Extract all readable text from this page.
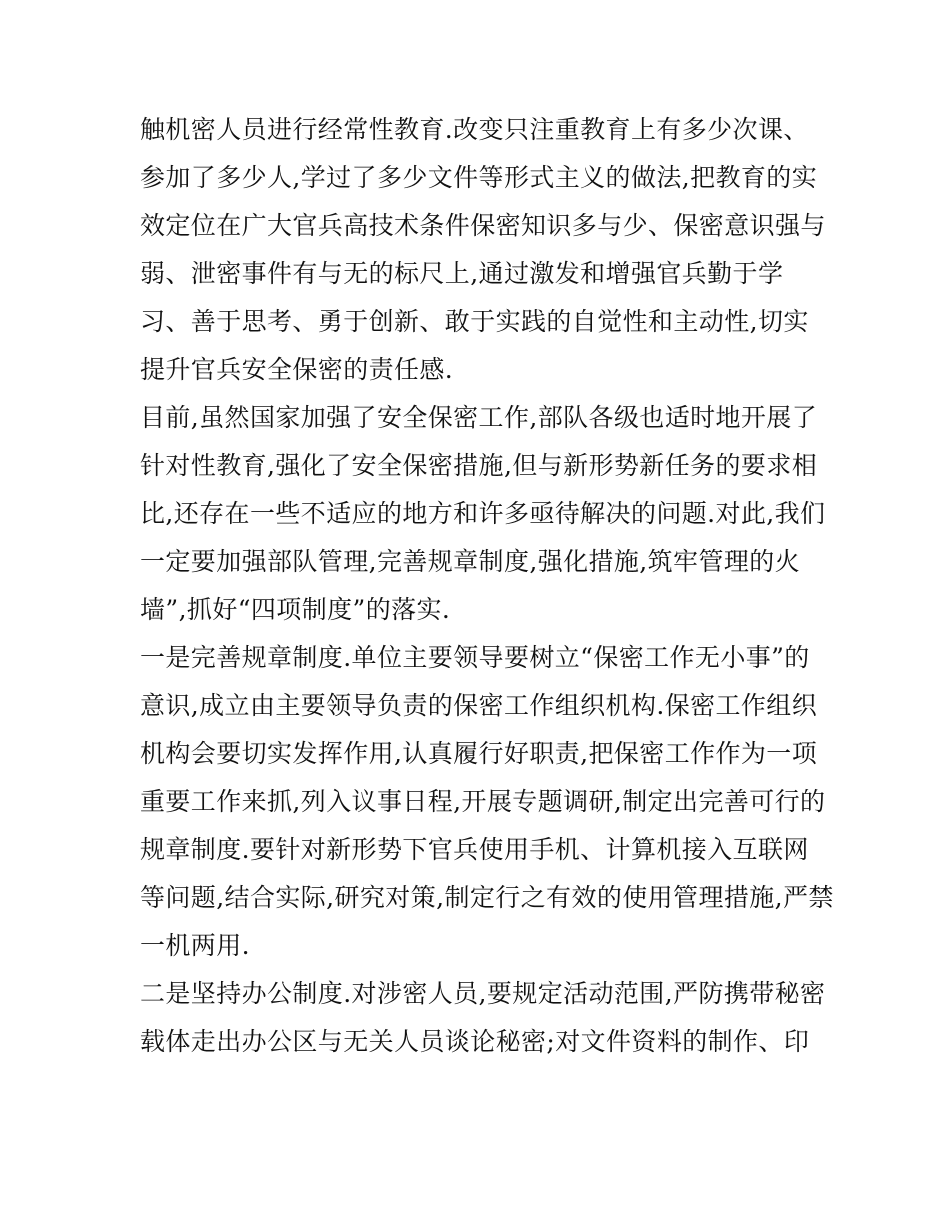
触机密人员进行经常性教育.改变只注重教育上有多少次课、
参加了多少人,学过了多少文件等形式主义的做法,把教育的实
效定位在广大官兵高技术条件保密知识多与少、保密意识强与
弱、泄密事件有与无的标尺上,通过激发和增强官兵勤于学
习、善于思考、勇于创新、敢于实践的自觉性和主动性,切实
提升官兵安全保密的责任感.
目前,虽然国家加强了安全保密工作,部队各级也适时地开展了
针对性教育,强化了安全保密措施,但与新形势新任务的要求相
比,还存在一些不适应的地方和许多亟待解决的问题.对此,我们
一定要加强部队管理,完善规章制度,强化措施,筑牢管理的火
墙”,抓好“四项制度”的落实.
一是完善规章制度.单位主要领导要树立“保密工作无小事”的
意识,成立由主要领导负责的保密工作组织机构.保密工作组织
机构会要切实发挥作用,认真履行好职责,把保密工作作为一项
重要工作来抓,列入议事日程,开展专题调研,制定出完善可行的
规章制度.要针对新形势下官兵使用手机、计算机接入互联网
等问题,结合实际,研究对策,制定行之有效的使用管理措施,严禁
一机两用.
二是坚持办公制度.对涉密人员,要规定活动范围,严防携带秘密
载体走出办公区与无关人员谈论秘密;对文件资料的制作、印
